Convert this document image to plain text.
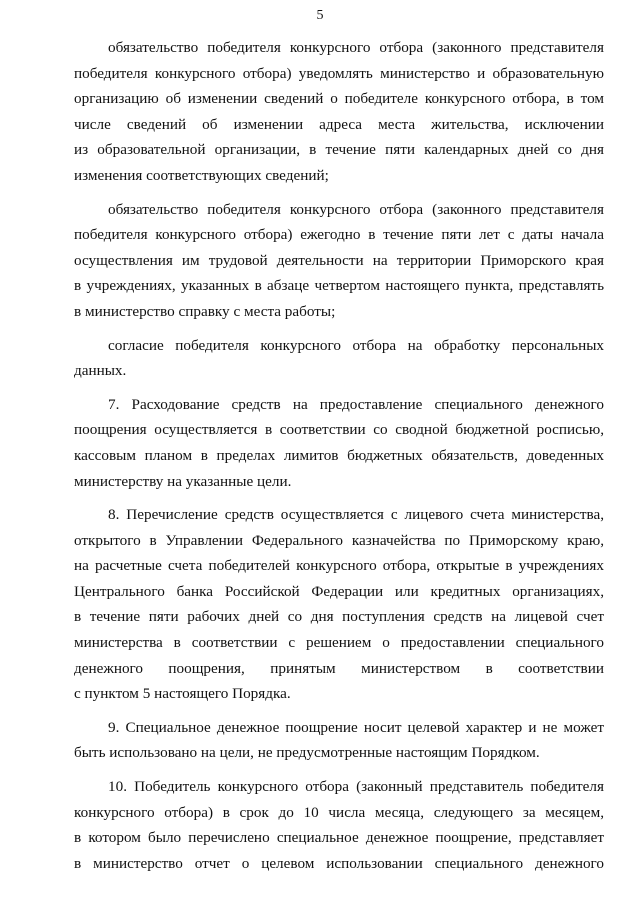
5
обязательство победителя конкурсного отбора (законного представителя
победителя конкурсного отбора) уведомлять министерство и образовательную
организацию об изменении сведений о победителе конкурсного отбора, в том
числе сведений об изменении адреса места жительства, исключении
из образовательной организации, в течение пяти календарных дней со дня
изменения соответствующих сведений;
обязательство победителя конкурсного отбора (законного представителя
победителя конкурсного отбора) ежегодно в течение пяти лет с даты начала
осуществления им трудовой деятельности на территории Приморского края
в учреждениях, указанных в абзаце четвертом настоящего пункта, представлять
в министерство справку с места работы;
согласие победителя конкурсного отбора на обработку персональных
данных.
7. Расходование средств на предоставление специального денежного
поощрения осуществляется в соответствии со сводной бюджетной росписью,
кассовым планом в пределах лимитов бюджетных обязательств, доведенных
министерству на указанные цели.
8. Перечисление средств осуществляется с лицевого счета министерства,
открытого в Управлении Федерального казначейства по Приморскому краю,
на расчетные счета победителей конкурсного отбора, открытые в учреждениях
Центрального банка Российской Федерации или кредитных организациях,
в течение пяти рабочих дней со дня поступления средств на лицевой счет
министерства в соответствии с решением о предоставлении специального
денежного поощрения, принятым министерством в соответствии
с пунктом 5 настоящего Порядка.
9. Специальное денежное поощрение носит целевой характер и не может
быть использовано на цели, не предусмотренные настоящим Порядком.
10. Победитель конкурсного отбора (законный представитель победителя
конкурсного отбора) в срок до 10 числа месяца, следующего за месяцем,
в котором было перечислено специальное денежное поощрение, представляет
в министерство отчет о целевом использовании специального денежного
